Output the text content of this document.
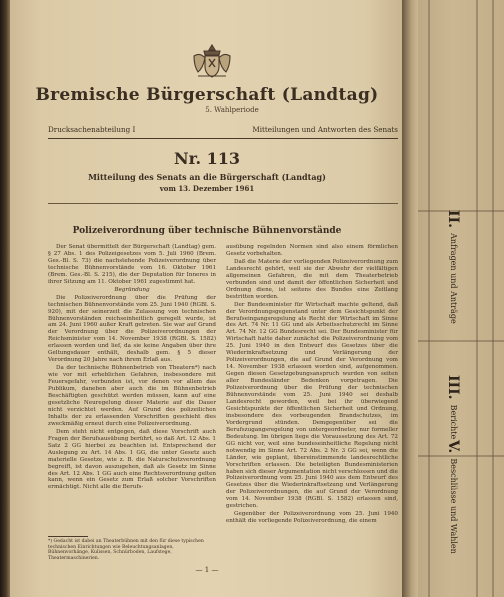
Bremische Bürgerschaft (Landtag)
5. Wahlperiode
Drucksachenabteilung I	Mitteilungen und Antworten des Senats
Nr. 113
Mitteilung des Senats an die Bürgerschaft (Landtag)
vom 13. Dezember 1961
Polizeiverordnung über technische Bühnenvorstände

Der Senat übermittelt der Bürgerschaft (Landtag) gem. § 27 Abs. 1 des Polizeigesetzes vom 5. Juli 1960 (Brem. Ges.-Bl. S. 73) die nachstehende Polizeiverordnung über technische Bühnenvorstände vom 16. Oktober 1961 (Brem. Ges.-Bl. S. 215), die der Deputation für Inneres in ihrer Sitzung am 11. Oktober 1961 zugestimmt hat.

Begründung

Die Polizeiverordnung über die Prüfung der technischen Bühnenvorstände vom 25. Juni 1940 (RGBl. S. 920), mit der seinerzeit die Zulassung von technischen Bühnenvorständen reichseinheitlich geregelt wurde, ist am 24. Juni 1960 außer Kraft getreten. Sie war auf Grund der Verordnung über die Polizeiverordnungen der Reichsminister vom 14. November 1938 (RGBl. S. 1582) erlassen worden und lief, da sie keine Angaben über ihre Geltungsdauer enthält, deshalb gem. § 5 dieser Verordnung 20 Jahre nach ihrem Erlaß aus.

Da der technische Bühnenbetrieb von Theatern*) nach wie vor mit erheblichen Gefahren, insbesondere mit Feuersgefahr, verbunden ist, vor denen vor allem das Publikum, daneben aber auch die im Bühnenbetrieb Beschäftigten geschützt werden müssen, kann auf eine gesetzliche Neuregelung dieser Materie auf die Dauer nicht verzichtet werden. Auf Grund des polizeilichen Inhalts der zu erlassenden Vorschriften geschieht dies zweckmäßig erneut durch eine Polizeiverordnung.

Dem steht nicht entgegen, daß diese Vorschrift auch Fragen der Berufsausübung berührt, so daß Art. 12 Abs. 1 Satz 2 GG hierbei zu beachten ist. Entsprechend der Auslegung zu Art. 14 Abs. 1 GG, die unter Gesetz auch materielle Gesetze, wie z. B. die Naturschutzverordnung begreift, ist davon auszugehen, daß als Gesetz im Sinne des Art. 12 Abs. 1 GG auch eine Rechtsverordnung gelten kann, wenn ein Gesetz zum Erlaß solcher Vorschriften ermächtigt. Nicht alle die Berufs-

ausübung regelnden Normen sind also einem förmlichen Gesetz vorbehalten.

Daß die Materie der vorliegenden Polizeiverordnung zum Landesrecht gehört, weil sie der Abwehr der vielfältigen allgemeinen Gefahren, die mit dem Theaterbetrieb verbunden sind und damit der öffentlichen Sicherheit und Ordnung diene, ist seitens des Bundes eine Zeitlang bestritten worden.

Der Bundesminister für Wirtschaft machte geltend, daß der Verordnungsgegenstand unter dem Gesichtspunkt der Berufseingangsregelung als Recht der Wirtschaft im Sinne des Art. 74 Nr. 11 GG und als Arbeitsschutzrecht im Sinne Art. 74 Nr. 12 GG Bundesrecht sei. Der Bundesminister für Wirtschaft hatte daher zunächst die Polizeiverordnung vom 25. Juni 1940 in den Entwurf des Gesetzes über die Wiederinkraftsetzung und Verlängerung der Polizeiverordnungen, die auf Grund der Verordnung vom 14. November 1938 erlassen worden sind, aufgenommen. Gegen diesen Gesetzgebungsanspruch wurden von seiten aller Bundesländer Bedenken vorgetragen. Die Polizeiverordnung über die Prüfung der technischen Bühnenvorstände vom 25. Juni 1940 sei deshalb Landesrecht geworden, weil bei ihr überwiegend Gesichtspunkte der öffentlichen Sicherheit und Ordnung, insbesondere des vorbeugenden Brandschutzes, im Vordergrund stünden. Demgegenüber sei die Berufszugangsregelung von untergeordneter, nur formeller Bedeutung. Im übrigen liege die Voraussetzung des Art. 72 GG nicht vor, weil eine bundeseinheitliche Regelung nicht notwendig im Sinne Art. 72 Abs. 2 Nr. 3 GG sei, wenn die Länder, wie geplant, übereinstimmende landesrechtliche Vorschriften erlassen. Die beteiligten Bundesministerien haben sich dieser Argumentation nicht verschlossen und die Polizeiverordnung vom 25. Juni 1940 aus dem Entwurf des Gesetzes über die Wiederinkraftsetzung und Verlängerung der Polizeiverordnungen, die auf Grund der Verordnung vom 14. November 1938 (RGBl. S. 1582) erlassen sind, gestrichen.

Gegenüber der Polizeiverordnung vom 25. Juni 1940 enthält die vorliegende Polizeiverordnung, die einem

*) Gedacht ist dabei an Theaterbühnen mit den für diese typischen technischen Einrichtungen wie Beleuchtungsanlagen, Bühnenvorhänge, Kulissen, Schnürboden, Laufstege, Theatermaschinerien.
— 1 —
II. Anfragen und Anträge
III. Berichte
V. Beschlüsse und Wahlen
